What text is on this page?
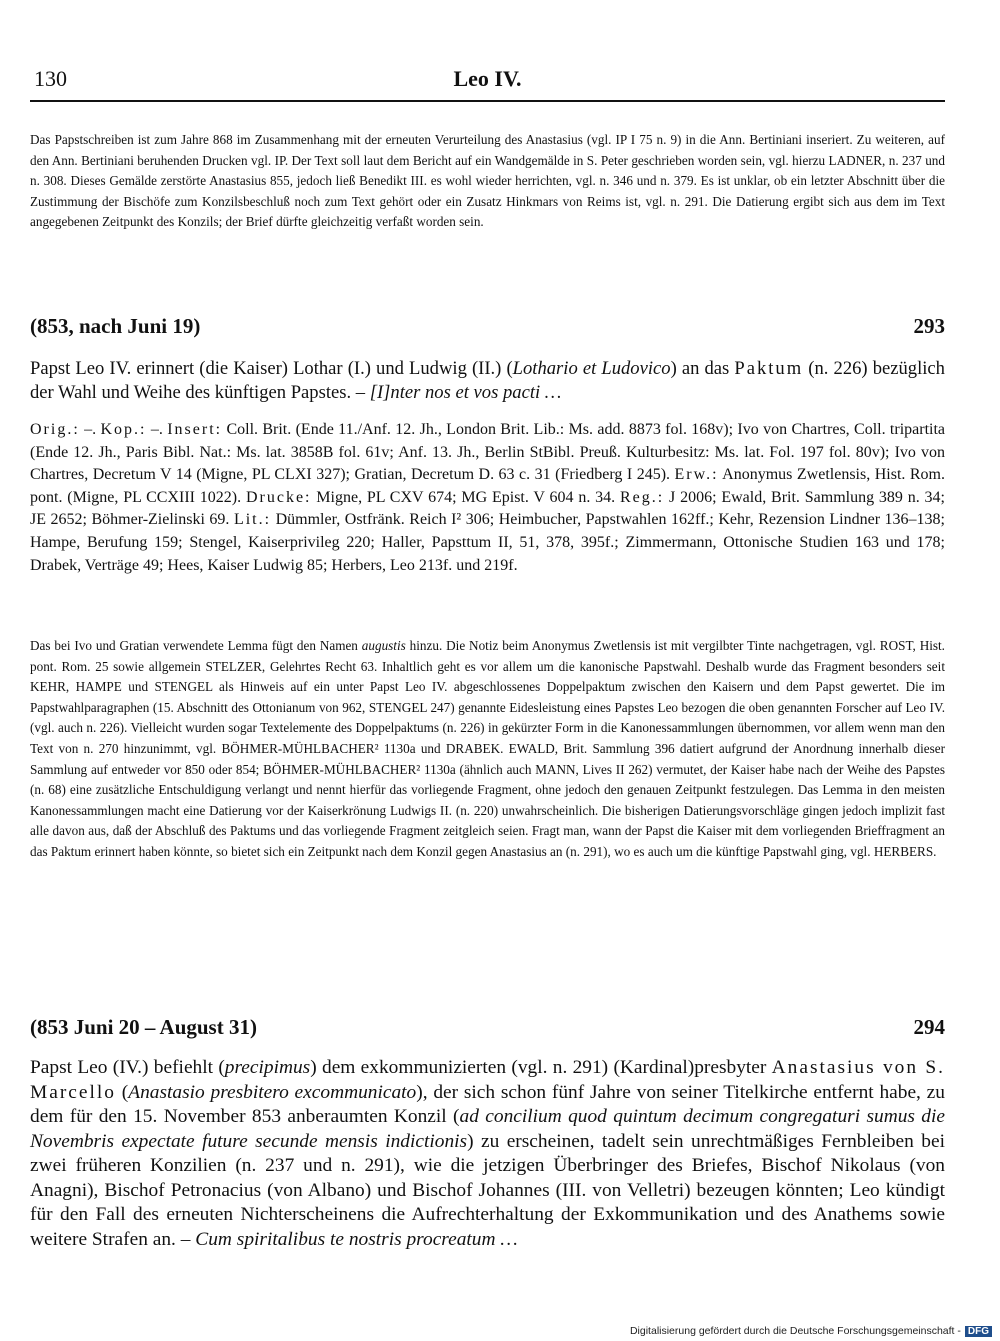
130	Leo IV.
Das Papstschreiben ist zum Jahre 868 im Zusammenhang mit der erneuten Verurteilung des Anastasius (vgl. IP I 75 n. 9) in die Ann. Bertiniani inseriert. Zu weiteren, auf den Ann. Bertiniani beruhenden Drucken vgl. IP. Der Text soll laut dem Bericht auf ein Wandgemälde in S. Peter geschrieben worden sein, vgl. hierzu LADNER, n. 237 und n. 308. Dieses Gemälde zerstörte Anastasius 855, jedoch ließ Benedikt III. es wohl wieder herrichten, vgl. n. 346 und n. 379. Es ist unklar, ob ein letzter Abschnitt über die Zustimmung der Bischöfe zum Konzilsbeschluß noch zum Text gehört oder ein Zusatz Hinkmars von Reims ist, vgl. n. 291. Die Datierung ergibt sich aus dem im Text angegebenen Zeitpunkt des Konzils; der Brief dürfte gleichzeitig verfaßt worden sein.
(853, nach Juni 19)	293
Papst Leo IV. erinnert (die Kaiser) Lothar (I.) und Ludwig (II.) (Lothario et Ludovico) an das Paktum (n. 226) bezüglich der Wahl und Weihe des künftigen Papstes. – [I]nter nos et vos pacti …
Orig.: –. Kop.: –. Insert: Coll. Brit. (Ende 11./Anf. 12. Jh., London Brit. Lib.: Ms. add. 8873 fol. 168v); Ivo von Chartres, Coll. tripartita (Ende 12. Jh., Paris Bibl. Nat.: Ms. lat. 3858B fol. 61v; Anf. 13. Jh., Berlin StBibl. Preuß. Kulturbesitz: Ms. lat. Fol. 197 fol. 80v); Ivo von Chartres, Decretum V 14 (Migne, PL CLXI 327); Gratian, Decretum D. 63 c. 31 (Friedberg I 245). Erw.: Anonymus Zwetlensis, Hist. Rom. pont. (Migne, PL CCXIII 1022). Drucke: Migne, PL CXV 674; MG Epist. V 604 n. 34. Reg.: J 2006; Ewald, Brit. Sammlung 389 n. 34; JE 2652; Böhmer-Zielinski 69. Lit.: Dümmler, Ostfränk. Reich I² 306; Heimbucher, Papstwahlen 162ff.; Kehr, Rezension Lindner 136–138; Hampe, Berufung 159; Stengel, Kaiserprivileg 220; Haller, Papsttum II, 51, 378, 395f.; Zimmermann, Ottonische Studien 163 und 178; Drabek, Verträge 49; Hees, Kaiser Ludwig 85; Herbers, Leo 213f. und 219f.
Das bei Ivo und Gratian verwendete Lemma fügt den Namen augustis hinzu. Die Notiz beim Anonymus Zwetlensis ist mit vergilbter Tinte nachgetragen, vgl. ROST, Hist. pont. Rom. 25 sowie allgemein STELZER, Gelehrtes Recht 63. Inhaltlich geht es vor allem um die kanonische Papstwahl. Deshalb wurde das Fragment besonders seit KEHR, HAMPE und STENGEL als Hinweis auf ein unter Papst Leo IV. abgeschlossenes Doppelpaktum zwischen den Kaisern und dem Papst gewertet. Die im Papstwahlparagraphen (15. Abschnitt des Ottonianum von 962, STENGEL 247) genannte Eidesleistung eines Papstes Leo bezogen die oben genannten Forscher auf Leo IV. (vgl. auch n. 226). Vielleicht wurden sogar Textelemente des Doppelpaktums (n. 226) in gekürzter Form in die Kanonessammlungen übernommen, vor allem wenn man den Text von n. 270 hinzunimmt, vgl. BÖHMER-MÜHLBACHER² 1130a und DRABEK. EWALD, Brit. Sammlung 396 datiert aufgrund der Anordnung innerhalb dieser Sammlung auf entweder vor 850 oder 854; BÖHMER-MÜHLBACHER² 1130a (ähnlich auch MANN, Lives II 262) vermutet, der Kaiser habe nach der Weihe des Papstes (n. 68) eine zusätzliche Entschuldigung verlangt und nennt hierfür das vorliegende Fragment, ohne jedoch den genauen Zeitpunkt festzulegen. Das Lemma in den meisten Kanonessammlungen macht eine Datierung vor der Kaiserkrönung Ludwigs II. (n. 220) unwahrscheinlich. Die bisherigen Datierungsvorschläge gingen jedoch implizit fast alle davon aus, daß der Abschluß des Paktums und das vorliegende Fragment zeitgleich seien. Fragt man, wann der Papst die Kaiser mit dem vorliegenden Brieffragment an das Paktum erinnert haben könnte, so bietet sich ein Zeitpunkt nach dem Konzil gegen Anastasius an (n. 291), wo es auch um die künftige Papstwahl ging, vgl. HERBERS.
(853 Juni 20 – August 31)	294
Papst Leo (IV.) befiehlt (precipimus) dem exkommunizierten (vgl. n. 291) (Kardinal)presbyter Anastasius von S. Marcello (Anastasio presbitero excommunicato), der sich schon fünf Jahre von seiner Titelkirche entfernt habe, zu dem für den 15. November 853 anberaumten Konzil (ad concilium quod quintum decimum congregaturi sumus die Novembris expectate future secunde mensis indictionis) zu erscheinen, tadelt sein unrechtmäßiges Fernbleiben bei zwei früheren Konzilien (n. 237 und n. 291), wie die jetzigen Überbringer des Briefes, Bischof Nikolaus (von Anagni), Bischof Petronacius (von Albano) und Bischof Johannes (III. von Velletri) bezeugen könnten; Leo kündigt für den Fall des erneuten Nichterscheinens die Aufrechterhaltung der Exkommunikation und des Anathems sowie weitere Strafen an. – Cum spiritalibus te nostris procreatum …
Digitalisierung gefördert durch die Deutsche Forschungsgemeinschaft - DFG
